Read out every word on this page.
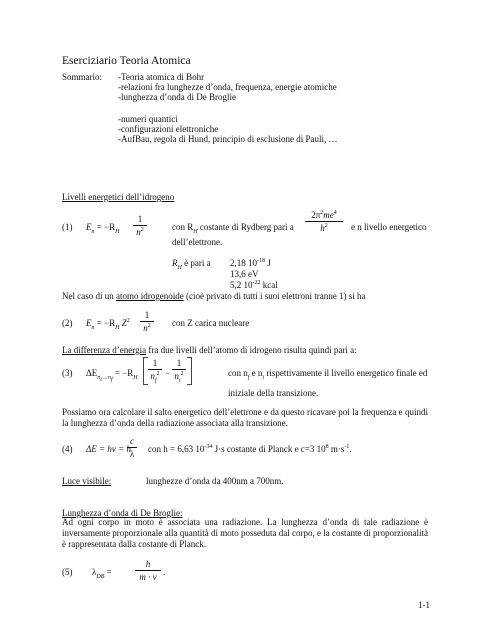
Eserciziario Teoria Atomica
Sommario: -Teoria atomica di Bohr
-relazioni fra lunghezze d’onda, frequenza, energie atomiche
-lunghezza d’onda di De Broglie
-numeri quantici
-configurazioni elettroniche
-AufBau, regola di Hund, principio di esclusione di Pauli, …
Livelli energetici dell’idrogeno
(1) $E_n = -R_H$
1
$n^2$	con $R_H$ costante di Rydberg pari a
$2\pi^2me^4$
$h^2$	e n livello energetico
dell’elettrone.
$R_H$ è pari a 2,18 $10^{-18}$ J
13,6 eV
5,2 $10^{-22}$ kcal
Nel caso di un atomo idrogenoide (cioè privato di tutti i suoi elettroni tranne 1) si ha
(2) $E_n = -R_H$ $Z^2$
1
$n^2$	con Z carica nucleare
La differenza d’energia fra due livelli dell’atomo di idrogeno risulta quindi pari a:
(3) $\Delta E_{n_i\to n_f} = -R_H$
1
$n_f^2$ −
1
$n_i^2$	con $n_f$ e $n_i$ rispettivamente il livello energetico finale ed
iniziale della transizione.
Possiamo ora calcolare il salto energetico dell’elettrone e da questo ricavare poi la frequenza e quindi la lunghezza d’onda della radiazione associata alla transizione.
(4) ΔE = hν = h
c
λ	con h = 6,63 $10^{-34}$ J·s costante di Planck e c=3 $10^8$ $m\cdot s^{-1}$.
Luce visibile:	lunghezze d’onda da 400nm a 700nm.
Lunghezza d’onda di De Broglie:
Ad ogni corpo in moto è associata una radiazione. La lunghezza d’onda di tale radiazione è inversamente proporzionale alla quantità di moto posseduta dal corpo, e la costante di proporzionalità è rappresentata dalla costante di Planck.
(5) $\lambda_{DB}$ =
h
m · v .
1-1
